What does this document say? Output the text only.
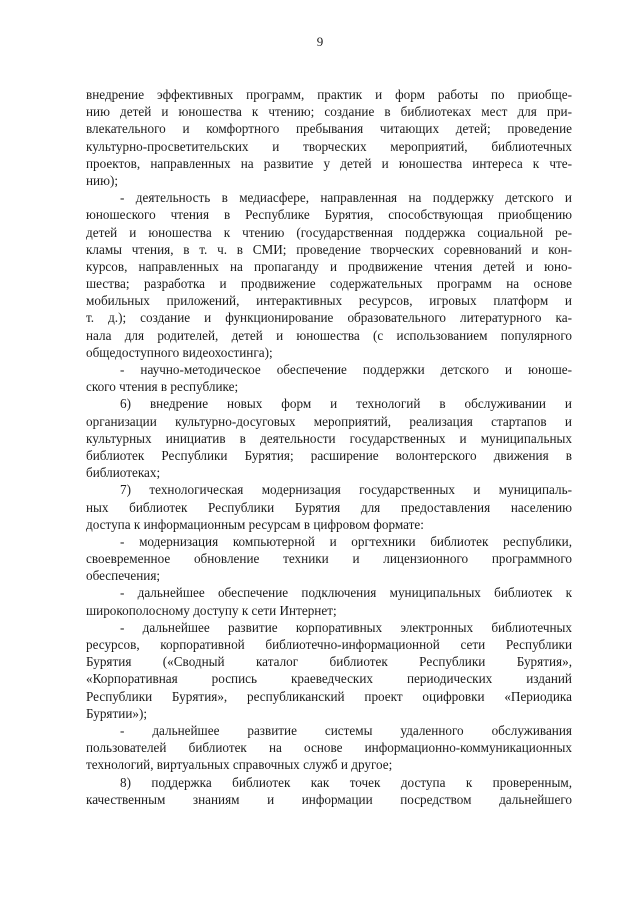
9
внедрение эффективных программ, практик и форм работы по приобще-
нию детей и юношества к чтению; создание в библиотеках мест для при-
влекательного и комфортного пребывания читающих детей; проведение
культурно-просветительских и творческих мероприятий, библиотечных
проектов, направленных на развитие у детей и юношества интереса к чте-
нию);
- деятельность в медиасфере, направленная на поддержку детского и
юношеского чтения в Республике Бурятия, способствующая приобщению
детей и юношества к чтению (государственная поддержка социальной ре-
кламы чтения, в т. ч. в СМИ; проведение творческих соревнований и кон-
курсов, направленных на пропаганду и продвижение чтения детей и юно-
шества; разработка и продвижение содержательных программ на основе
мобильных приложений, интерактивных ресурсов, игровых платформ и
т. д.); создание и функционирование образовательного литературного ка-
нала для родителей, детей и юношества (с использованием популярного
общедоступного видеохостинга);
- научно-методическое обеспечение поддержки детского и юноше-
ского чтения в республике;
6) внедрение новых форм и технологий в обслуживании и
организации культурно-досуговых мероприятий, реализация стартапов и
культурных инициатив в деятельности государственных и муниципальных
библиотек Республики Бурятия; расширение волонтерского движения в
библиотеках;
7) технологическая модернизация государственных и муниципаль-
ных библиотек Республики Бурятия для предоставления населению
доступа к информационным ресурсам в цифровом формате:
- модернизация компьютерной и оргтехники библиотек республики,
своевременное обновление техники и лицензионного программного
обеспечения;
- дальнейшее обеспечение подключения муниципальных библиотек к
широкополосному доступу к сети Интернет;
- дальнейшее развитие корпоративных электронных библиотечных
ресурсов, корпоративной библиотечно-информационной сети Республики
Бурятия («Сводный каталог библиотек Республики Бурятия»,
«Корпоративная роспись краеведческих периодических изданий
Республики Бурятия», республиканский проект оцифровки «Периодика
Бурятии»);
- дальнейшее развитие системы удаленного обслуживания
пользователей библиотек на основе информационно-коммуникационных
технологий, виртуальных справочных служб и другое;
8) поддержка библиотек как точек доступа к проверенным,
качественным знаниям и информации посредством дальнейшего
